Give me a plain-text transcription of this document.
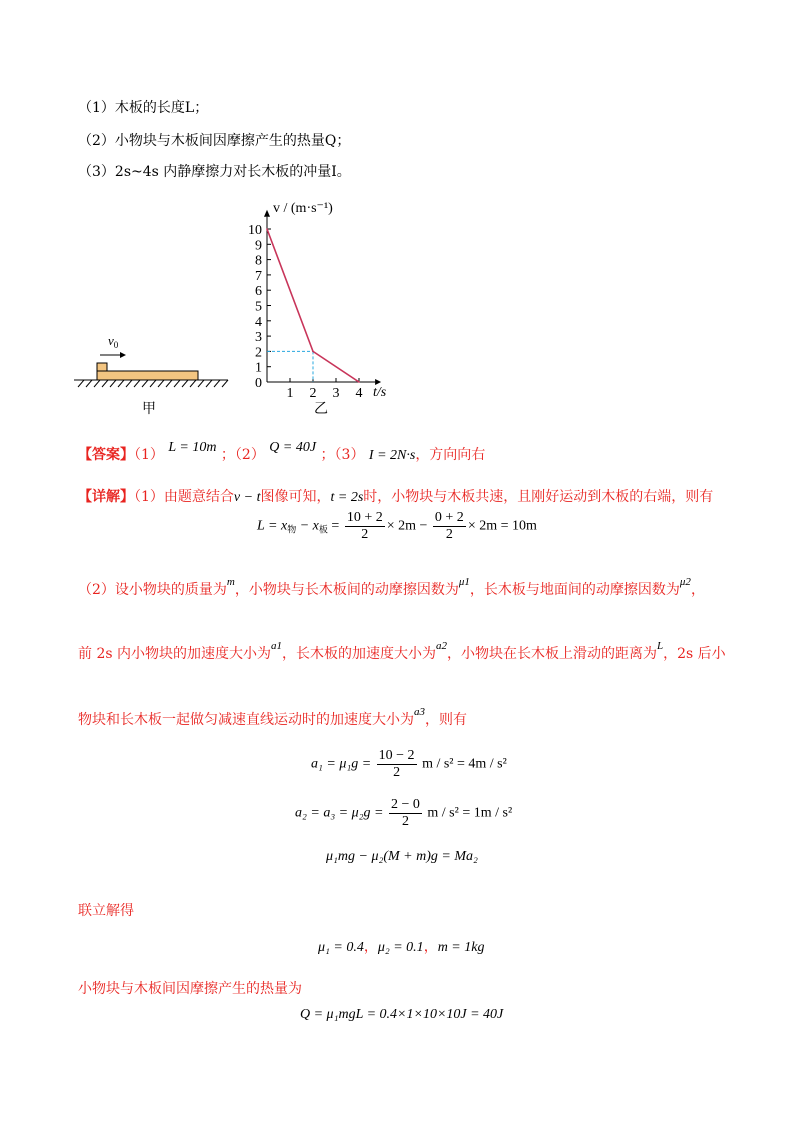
（1）木板的长度L；
（2）小物块与木板间因摩擦产生的热量Q；
（3）2s~4s 内静摩擦力对长木板的冲量I。
$v_0$
甲
10
9
8
7
6
5
4
3
2
1
0
1 2 3 4
v / (m·s⁻¹)
t/s
乙
【答案】（1） L = 10m ；（2） Q = 40J ；（3） I = 2N·s，方向向右
【详解】（1）由题意结合v − t图像可知，t = 2s时，小物块与木板共速，且刚好运动到木板的右端，则有
$L = x_物 - x_板 = \frac{10 + 2}{2} \times 2m - \frac{0 + 2}{2} \times 2m = 10m$
（2）设小物块的质量为$^m$，小物块与长木板间的动摩擦因数为$^{\mu 1}$，长木板与地面间的动摩擦因数为$^{\mu 2}$，
前 2s 内小物块的加速度大小为$^{a1}$，长木板的加速度大小为$^{a2}$，小物块在长木板上滑动的距离为$^L$，2s 后小
物块和长木板一起做匀减速直线运动时的加速度大小为$^{a3}$，则有
$a_1 = \mu_1g = \frac{10 - 2}{2}$ m / s² = 4m / s²
$a_2 = a_3 = \mu_2g = \frac{2 - 0}{2}$ m / s² = 1m / s²
μ₁mg − μ₂(M + m)g = Ma₂
联立解得
μ₁ = 0.4，μ₂ = 0.1，m = 1kg
小物块与木板间因摩擦产生的热量为
Q = μ₁mgL = 0.4×1×10×10J = 40J
